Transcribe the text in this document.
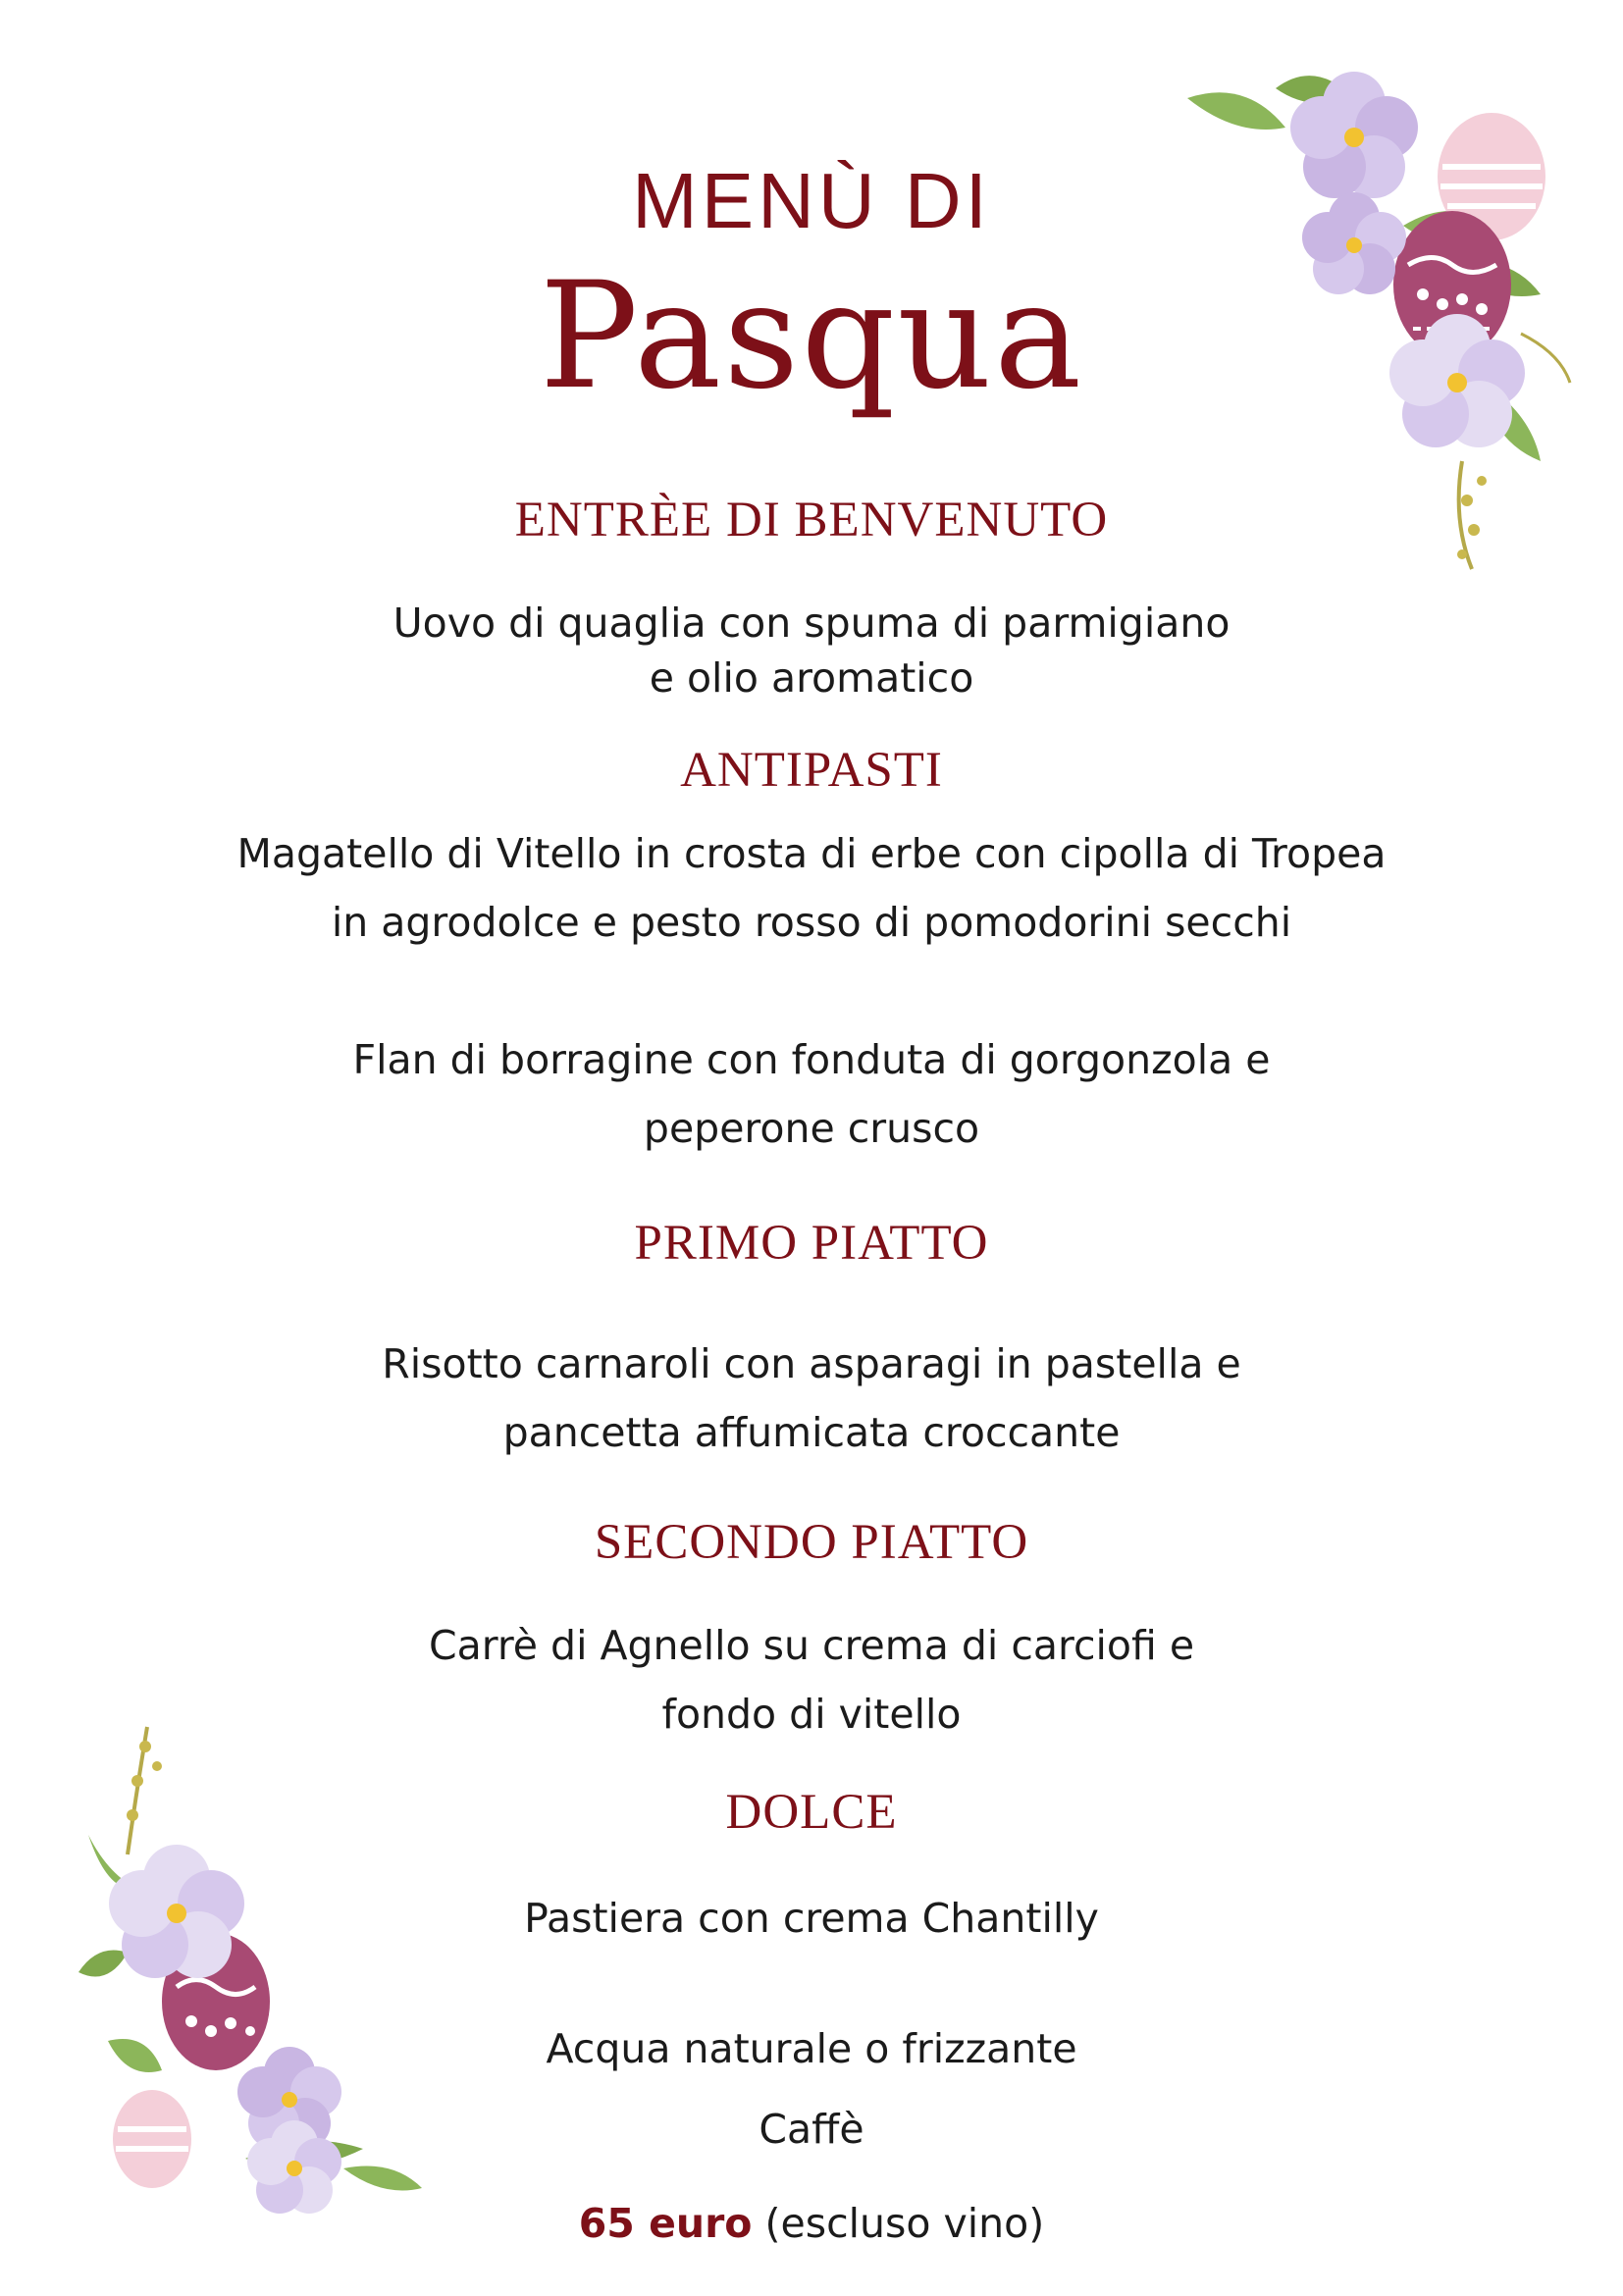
MENÙ DI
Pasqua
ENTRÈE DI BENVENUTO
Uovo di quaglia con spuma di parmigiano
e olio aromatico
ANTIPASTI
Magatello di Vitello in crosta di erbe con cipolla di Tropea
in agrodolce e pesto rosso di pomodorini secchi
Flan di borragine con fonduta di gorgonzola e
peperone crusco
PRIMO PIATTO
Risotto carnaroli con asparagi in pastella e
pancetta affumicata croccante
SECONDO PIATTO
Carrè di Agnello su crema di carciofi e
fondo di vitello
DOLCE
Pastiera con crema Chantilly
Acqua naturale o frizzante
Caffè
65 euro (escluso vino)
